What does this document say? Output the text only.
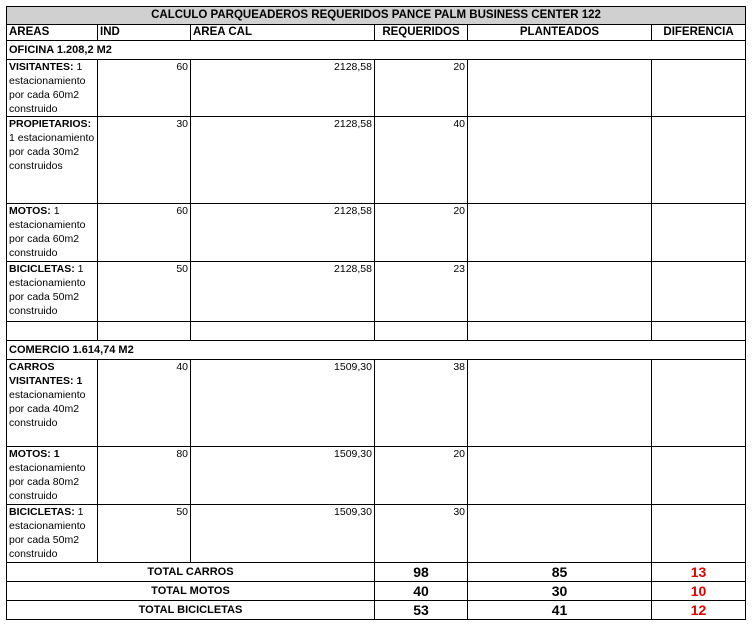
CALCULO PARQUEADEROS REQUERIDOS PANCE PALM BUSINESS CENTER 122					
AREAS	IND	AREA CAL	REQUERIDOS	PLANTEADOS	DIFERENCIA
OFICINA 1.208,2 M2					
VISITANTES: 1 estacionamiento por cada 60m2 construido	60	2128,58	20		
PROPIETARIOS: 1 estacionamiento por cada 30m2 construidos	30	2128,58	40		
MOTOS: 1 estacionamiento por cada 60m2 construido	60	2128,58	20		
BICICLETAS: 1 estacionamiento por cada 50m2 construido	50	2128,58	23		

COMERCIO 1.614,74 M2					
CARROS VISITANTES: 1 estacionamiento por cada 40m2 construido	40	1509,30	38		
MOTOS: 1 estacionamiento por cada 80m2 construido	80	1509,30	20		
BICICLETAS: 1 estacionamiento por cada 50m2 construido	50	1509,30	30		
TOTAL CARROS			98	85	13
TOTAL MOTOS			40	30	10
TOTAL BICICLETAS			53	41	12
